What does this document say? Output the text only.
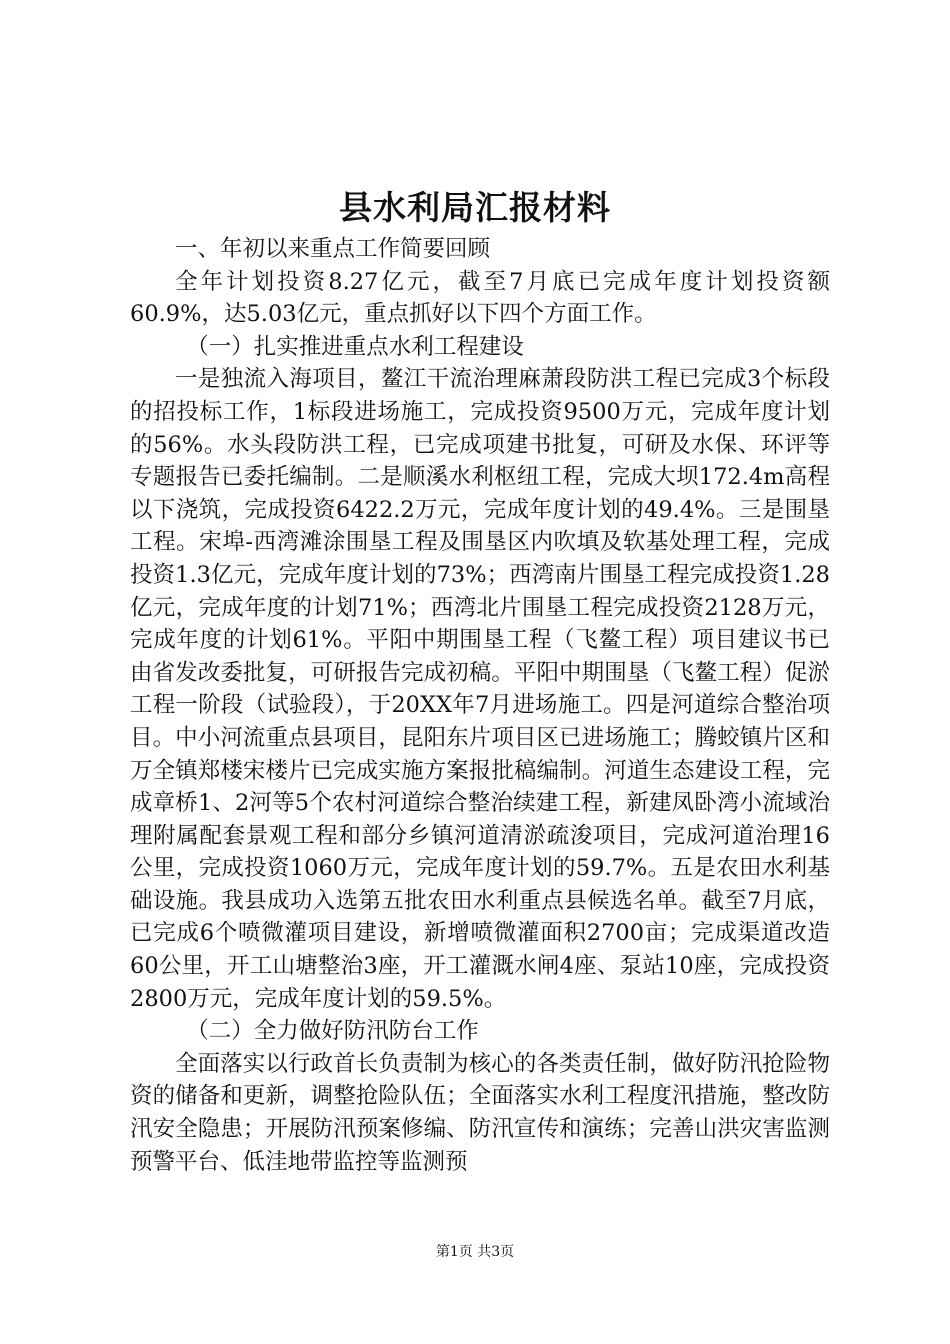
县水利局汇报材料

一、年初以来重点工作简要回顾

全年计划投资8.27亿元，截至7月底已完成年度计划投资额60.9%，达5.03亿元，重点抓好以下四个方面工作。

（一）扎实推进重点水利工程建设

一是独流入海项目，鳌江干流治理麻萧段防洪工程已完成3个标段的招投标工作，1标段进场施工，完成投资9500万元，完成年度计划的56%。水头段防洪工程，已完成项建书批复，可研及水保、环评等专题报告已委托编制。二是顺溪水利枢纽工程，完成大坝172.4m高程以下浇筑，完成投资6422.2万元，完成年度计划的49.4%。三是围垦工程。宋埠-西湾滩涂围垦工程及围垦区内吹填及软基处理工程，完成投资1.3亿元，完成年度计划的73%；西湾南片围垦工程完成投资1.28亿元，完成年度的计划71%；西湾北片围垦工程完成投资2128万元，完成年度的计划61%。平阳中期围垦工程（飞鳌工程）项目建议书已由省发改委批复，可研报告完成初稿。平阳中期围垦（飞鳌工程）促淤工程一阶段（试验段），于20XX年7月进场施工。四是河道综合整治项目。中小河流重点县项目，昆阳东片项目区已进场施工；腾蛟镇片区和万全镇郑楼宋楼片已完成实施方案报批稿编制。河道生态建设工程，完成章桥1、2河等5个农村河道综合整治续建工程，新建凤卧湾小流域治理附属配套景观工程和部分乡镇河道清淤疏浚项目，完成河道治理16公里，完成投资1060万元，完成年度计划的59.7%。五是农田水利基础设施。我县成功入选第五批农田水利重点县候选名单。截至7月底，已完成6个喷微灌项目建设，新增喷微灌面积2700亩；完成渠道改造60公里，开工山塘整治3座，开工灌溉水闸4座、泵站10座，完成投资2800万元，完成年度计划的59.5%。

（二）全力做好防汛防台工作

全面落实以行政首长负责制为核心的各类责任制，做好防汛抢险物资的储备和更新，调整抢险队伍；全面落实水利工程度汛措施，整改防汛安全隐患；开展防汛预案修编、防汛宣传和演练；完善山洪灾害监测预警平台、低洼地带监控等监测预

第1页 共3页
